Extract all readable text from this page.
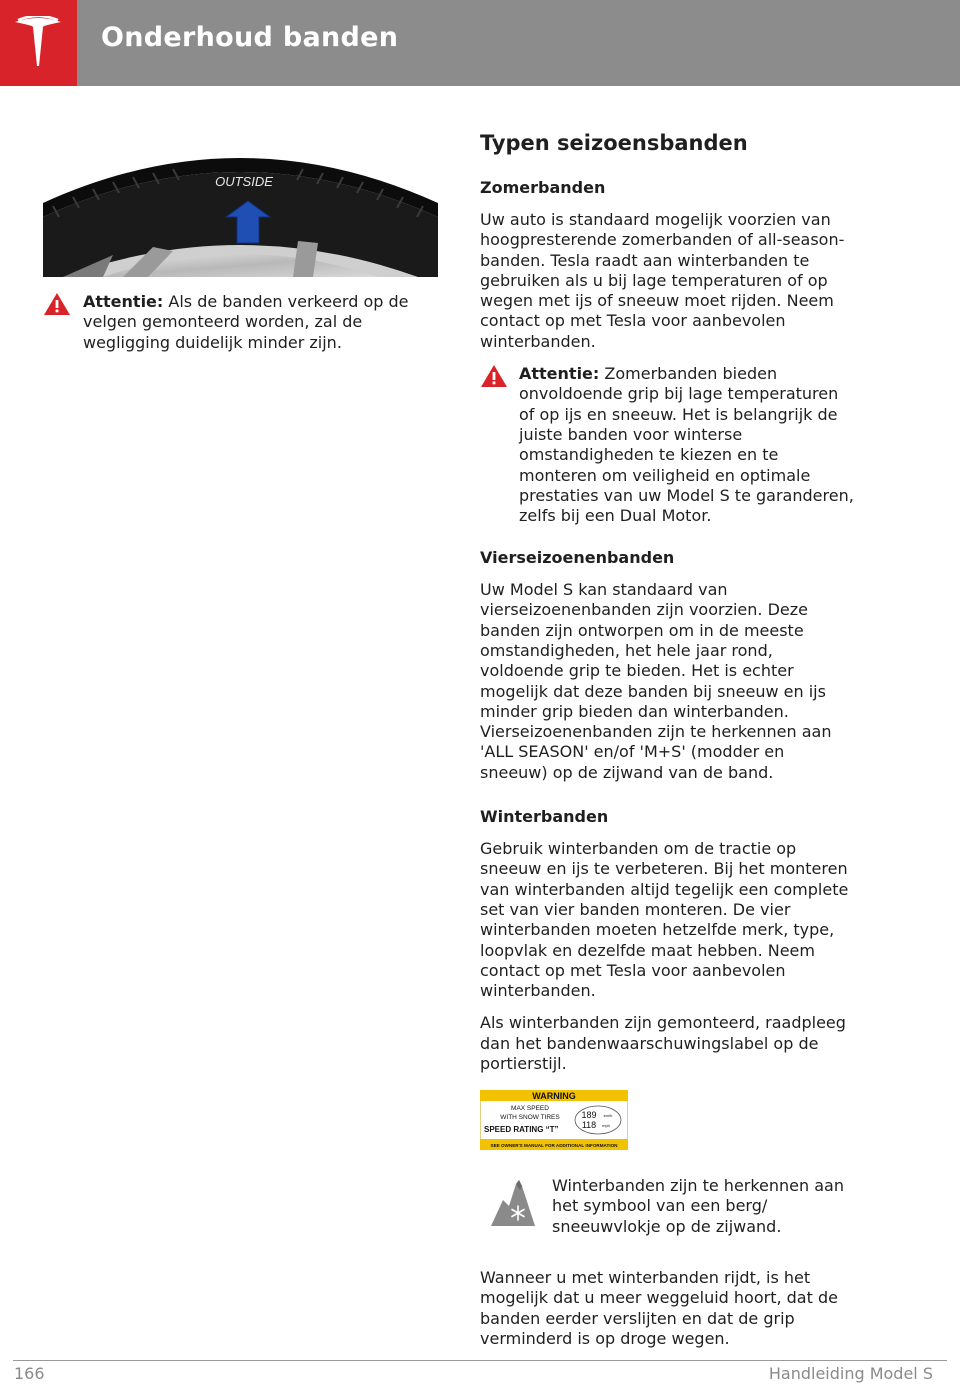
Onderhoud banden
OUTSIDE
Attentie: Als de banden verkeerd op de
velgen gemonteerd worden, zal de
wegligging duidelijk minder zijn.
Typen seizoensbanden
Zomerbanden

Uw auto is standaard mogelijk voorzien van
hoogpresterende zomerbanden of all-season-
banden. Tesla raadt aan winterbanden te
gebruiken als u bij lage temperaturen of op
wegen met ijs of sneeuw moet rijden. Neem
contact op met Tesla voor aanbevolen
winterbanden.

Attentie: Zomerbanden bieden
onvoldoende grip bij lage temperaturen
of op ijs en sneeuw. Het is belangrijk de
juiste banden voor winterse
omstandigheden te kiezen en te
monteren om veiligheid en optimale
prestaties van uw Model S te garanderen,
zelfs bij een Dual Motor.

Vierseizoenenbanden

Uw Model S kan standaard van
vierseizoenenbanden zijn voorzien. Deze
banden zijn ontworpen om in de meeste
omstandigheden, het hele jaar rond,
voldoende grip te bieden. Het is echter
mogelijk dat deze banden bij sneeuw en ijs
minder grip bieden dan winterbanden.
Vierseizoenenbanden zijn te herkennen aan
'ALL SEASON' en/of 'M+S' (modder en
sneeuw) op de zijwand van de band.

Winterbanden

Gebruik winterbanden om de tractie op
sneeuw en ijs te verbeteren. Bij het monteren
van winterbanden altijd tegelijk een complete
set van vier banden monteren. De vier
winterbanden moeten hetzelfde merk, type,
loopvlak en dezelfde maat hebben. Neem
contact op met Tesla voor aanbevolen
winterbanden.

Als winterbanden zijn gemonteerd, raadpleeg
dan het bandenwaarschuwingslabel op de
portierstijl.

WARNING
MAX SPEED
WITH SNOW TIRES
SPEED RATING “T”
189 km/h
118 mph
SEE OWNER'S MANUAL FOR ADDITIONAL INFORMATION
Winterbanden zijn te herkennen aan
het symbool van een berg/
sneeuwvlokje op de zijwand.

Wanneer u met winterbanden rijdt, is het
mogelijk dat u meer weggeluid hoort, dat de
banden eerder verslijten en dat de grip
verminderd is op droge wegen.

166	Handleiding Model S
